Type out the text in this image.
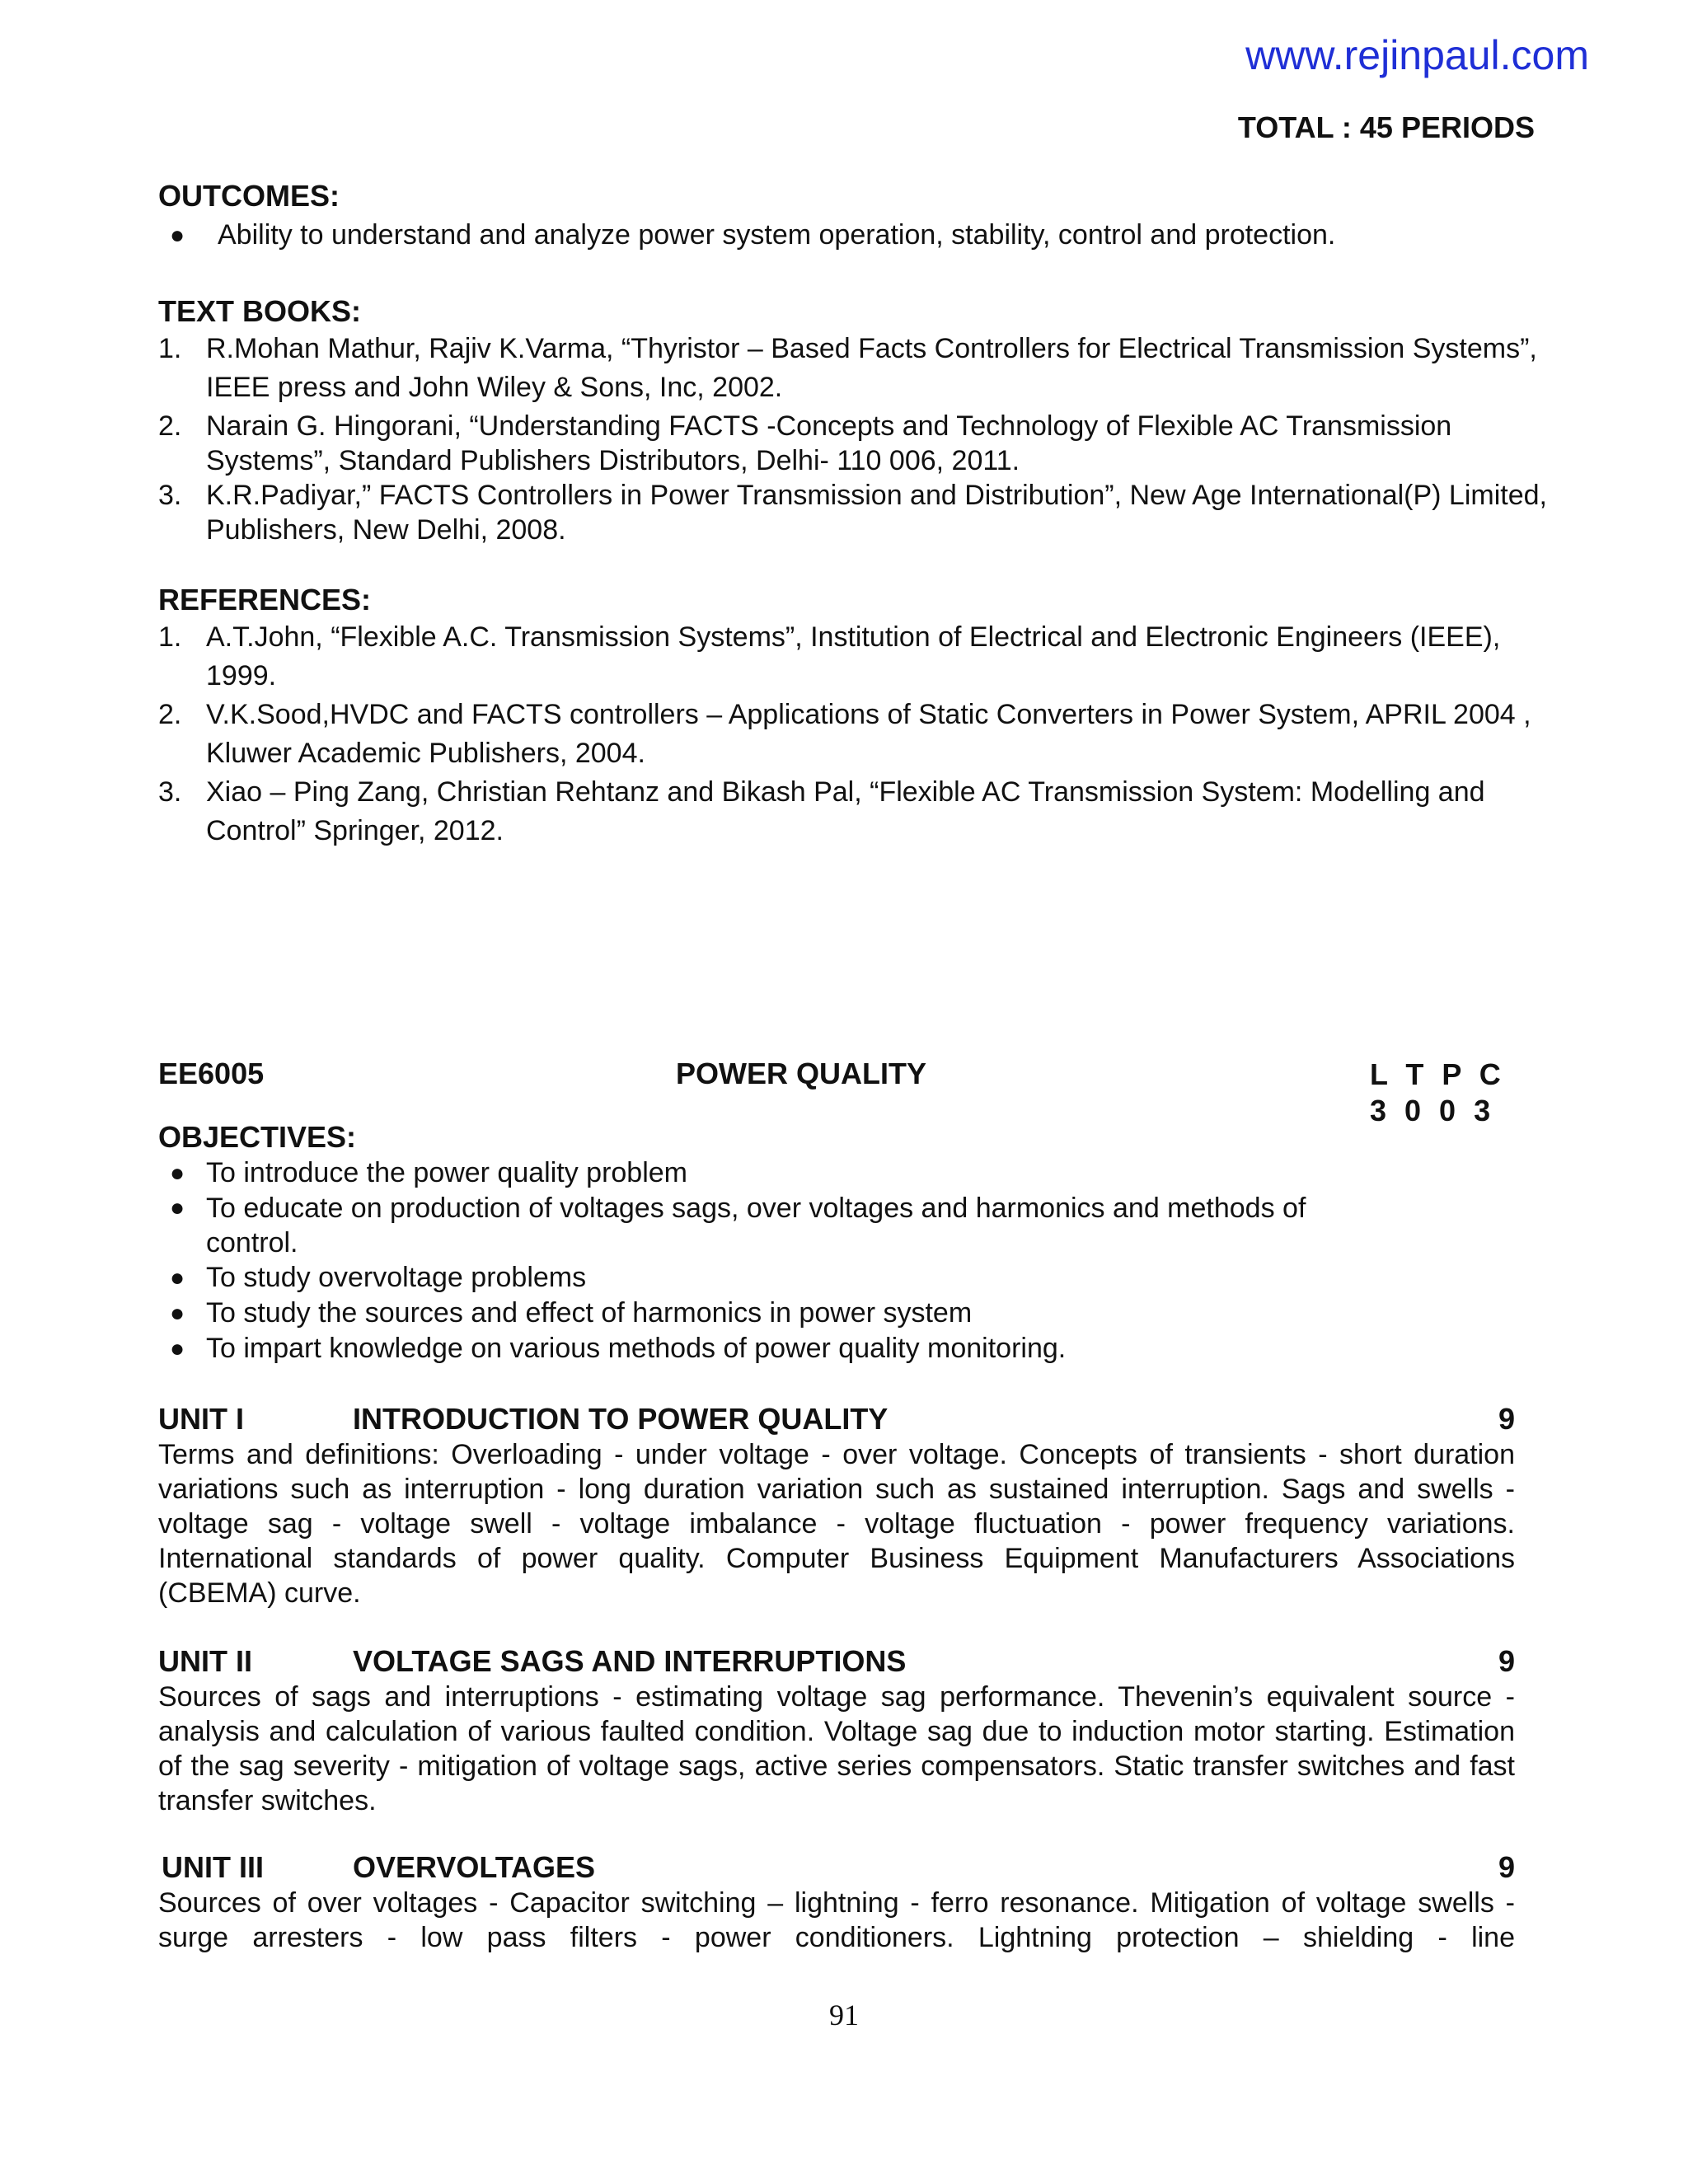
www.rejinpaul.com
TOTAL : 45 PERIODS

OUTCOMES:

● Ability to understand and analyze power system operation, stability, control and protection.

TEXT BOOKS:

1. R.Mohan Mathur, Rajiv K.Varma, “Thyristor – Based Facts Controllers for Electrical Transmission Systems”, IEEE press and John Wiley & Sons, Inc, 2002.
2. Narain G. Hingorani, “Understanding FACTS -Concepts and Technology of Flexible AC Transmission Systems”, Standard Publishers Distributors, Delhi- 110 006, 2011.
3. K.R.Padiyar,” FACTS Controllers in Power Transmission and Distribution”, New Age International(P) Limited, Publishers, New Delhi, 2008.

REFERENCES:

1. A.T.John, “Flexible A.C. Transmission Systems”, Institution of Electrical and Electronic Engineers (IEEE), 1999.
2. V.K.Sood,HVDC and FACTS controllers – Applications of Static Converters in Power System, APRIL 2004 , Kluwer Academic Publishers, 2004.
3. Xiao – Ping Zang, Christian Rehtanz and Bikash Pal, “Flexible AC Transmission System: Modelling and Control” Springer, 2012.
EE6005	POWER QUALITY	L T P C
3 0 0 3

OBJECTIVES:

● To introduce the power quality problem
● To educate on production of voltages sags, over voltages and harmonics and methods of control.
● To study overvoltage problems
● To study the sources and effect of harmonics in power system
● To impart knowledge on various methods of power quality monitoring.
UNIT I	INTRODUCTION TO POWER QUALITY	9

Terms and definitions: Overloading - under voltage - over voltage. Concepts of transients - short duration variations such as interruption - long duration variation such as sustained interruption. Sags and swells - voltage sag - voltage swell - voltage imbalance - voltage fluctuation - power frequency variations. International standards of power quality. Computer Business Equipment Manufacturers Associations (CBEMA) curve.

UNIT II	VOLTAGE SAGS AND INTERRUPTIONS	9

Sources of sags and interruptions - estimating voltage sag performance. Thevenin’s equivalent source - analysis and calculation of various faulted condition. Voltage sag due to induction motor starting. Estimation of the sag severity - mitigation of voltage sags, active series compensators. Static transfer switches and fast transfer switches.

UNIT III	OVERVOLTAGES	9

Sources of over voltages - Capacitor switching – lightning - ferro resonance. Mitigation of voltage swells - surge arresters - low pass filters - power conditioners. Lightning protection – shielding - line

91
